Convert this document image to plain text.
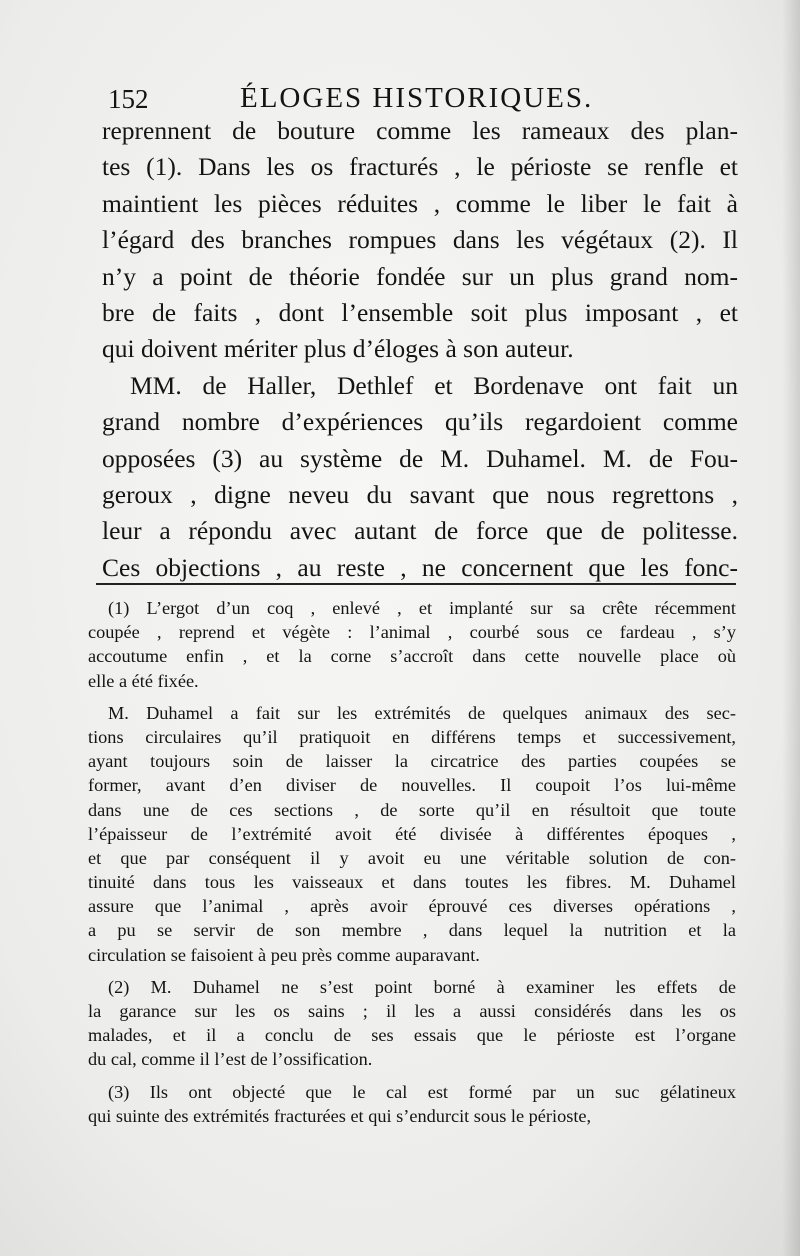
152	ÉLOGES HISTORIQUES.
reprennent de bouture comme les rameaux des plan-
tes (1). Dans les os fracturés , le périoste se renfle et
maintient les pièces réduites , comme le liber le fait à
l’égard des branches rompues dans les végétaux (2). Il
n’y a point de théorie fondée sur un plus grand nom-
bre de faits , dont l’ensemble soit plus imposant , et
qui doivent mériter plus d’éloges à son auteur.
MM. de Haller, Dethlef et Bordenave ont fait un
grand nombre d’expériences qu’ils regardoient comme
opposées (3) au système de M. Duhamel. M. de Fou-
geroux , digne neveu du savant que nous regrettons ,
leur a répondu avec autant de force que de politesse.
Ces objections , au reste , ne concernent que les fonc-
(1) L’ergot d’un coq , enlevé , et implanté sur sa crête récemment
coupée , reprend et végète : l’animal , courbé sous ce fardeau , s’y
accoutume enfin , et la corne s’accroît dans cette nouvelle place où
elle a été fixée.
M. Duhamel a fait sur les extrémités de quelques animaux des sec-
tions circulaires qu’il pratiquoit en différens temps et successivement,
ayant toujours soin de laisser la circatrice des parties coupées se
former, avant d’en diviser de nouvelles. Il coupoit l’os lui-même
dans une de ces sections , de sorte qu’il en résultoit que toute
l’épaisseur de l’extrémité avoit été divisée à différentes époques ,
et que par conséquent il y avoit eu une véritable solution de con-
tinuité dans tous les vaisseaux et dans toutes les fibres. M. Duhamel
assure que l’animal , après avoir éprouvé ces diverses opérations ,
a pu se servir de son membre , dans lequel la nutrition et la
circulation se faisoient à peu près comme auparavant.
(2) M. Duhamel ne s’est point borné à examiner les effets de
la garance sur les os sains ; il les a aussi considérés dans les os
malades, et il a conclu de ses essais que le périoste est l’organe
du cal, comme il l’est de l’ossification.
(3) Ils ont objecté que le cal est formé par un suc gélatineux
qui suinte des extrémités fracturées et qui s’endurcit sous le périoste,
